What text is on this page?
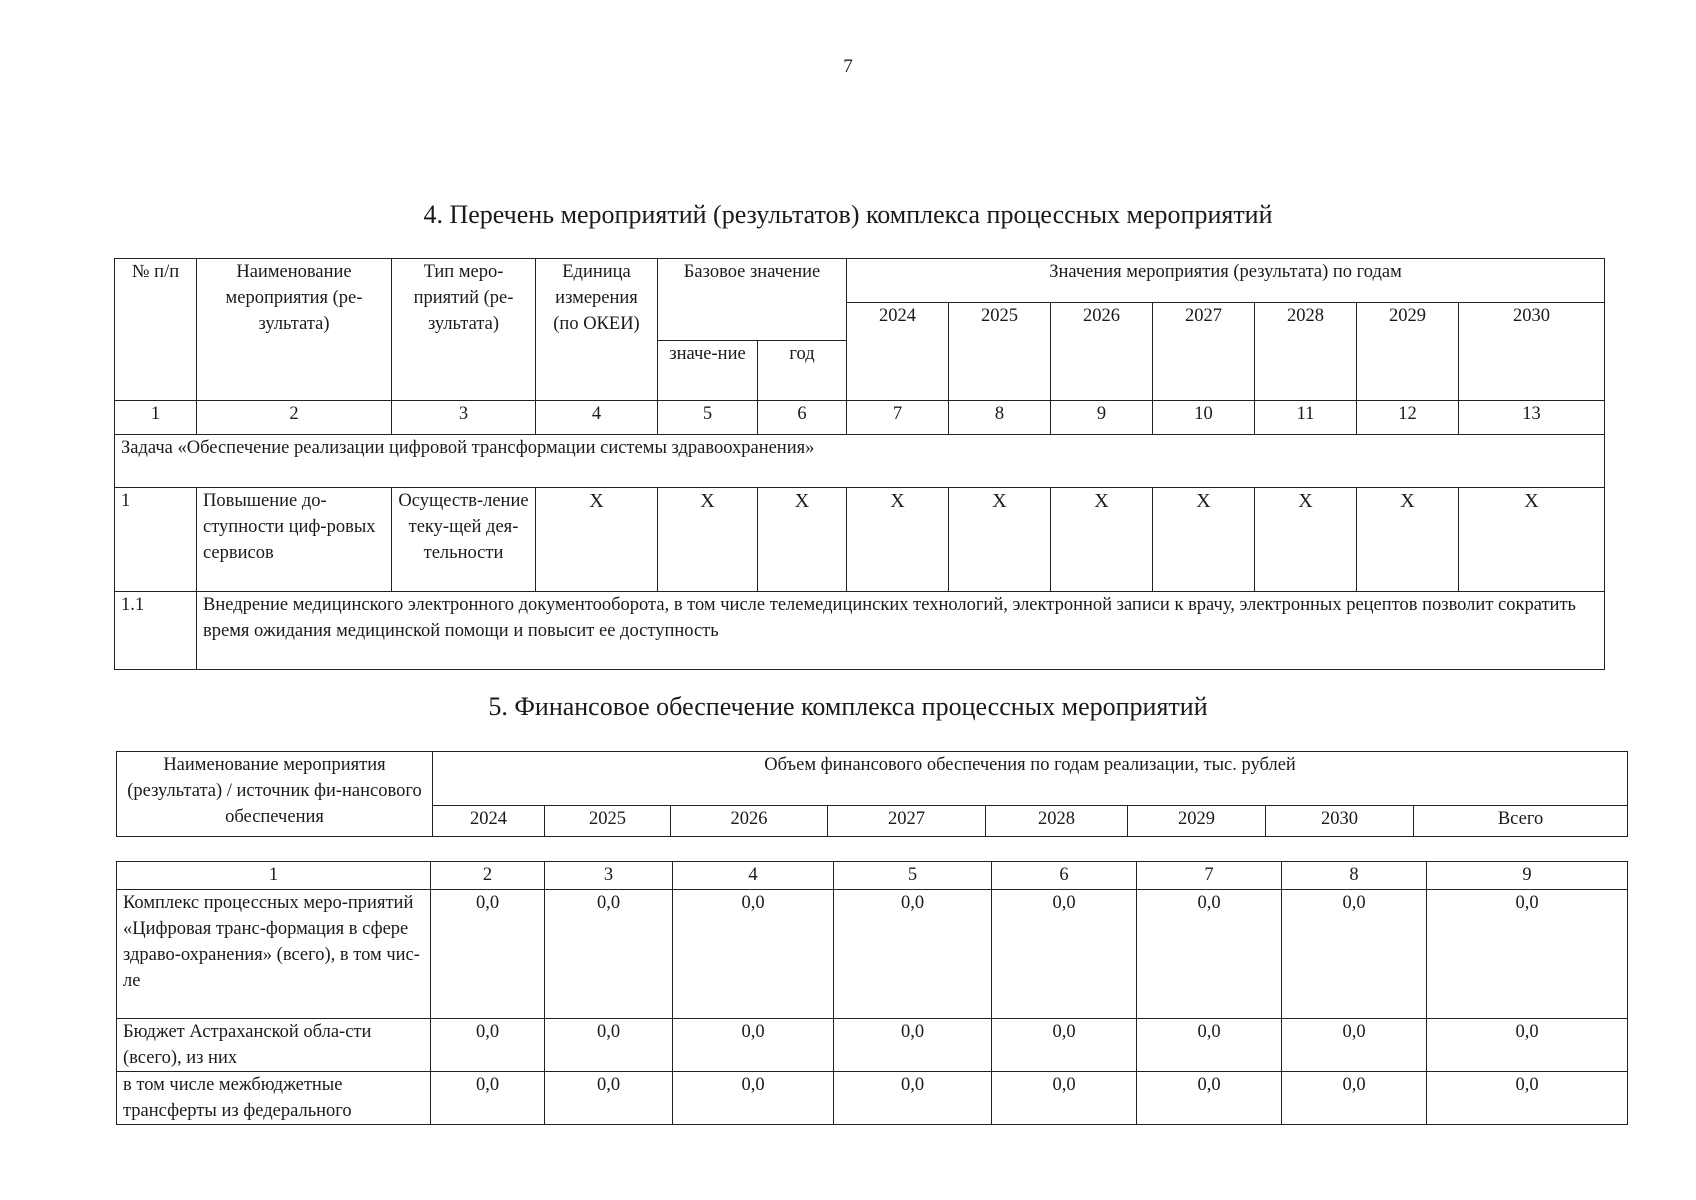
7
4. Перечень мероприятий (результатов) комплекса процессных мероприятий
№ п/п	Наименование мероприятия (ре-зультата)	Тип меро-приятий (ре-зультата)	Единица измерения (по ОКЕИ)	Базовое значение		Значения мероприятия (результата) по годам						
						2024	2025	2026	2027	2028	2029	2030
				значе-ние	год							
1	2	3	4	5	6	7	8	9	10	11	12	13
Задача «Обеспечение реализации цифровой трансформации системы здравоохранения»												
1	Повышение до-ступности циф-ровых сервисов	Осуществ-ление теку-щей дея-тельности	X	X	X	X	X	X	X	X	X	X
1.1	Внедрение медицинского электронного документооборота, в том числе телемедицинских технологий, электронной записи к врачу, электронных рецептов позволит сократить время ожидания медицинской помощи и повысит ее доступность											
5. Финансовое обеспечение комплекса процессных мероприятий
Наименование мероприятия (результата) / источник фи-нансового обеспечения	Объем финансового обеспечения по годам реализации, тыс. рублей							
	2024	2025	2026	2027	2028	2029	2030	Всего
1	2	3	4	5	6	7	8	9
Комплекс процессных меро-приятий «Цифровая транс-формация в сфере здраво-охранения» (всего), в том чис-ле	0,0	0,0	0,0	0,0	0,0	0,0	0,0	0,0
Бюджет Астраханской обла-сти (всего), из них	0,0	0,0	0,0	0,0	0,0	0,0	0,0	0,0
в том числе межбюджетные трансферты из федерального	0,0	0,0	0,0	0,0	0,0	0,0	0,0	0,0
